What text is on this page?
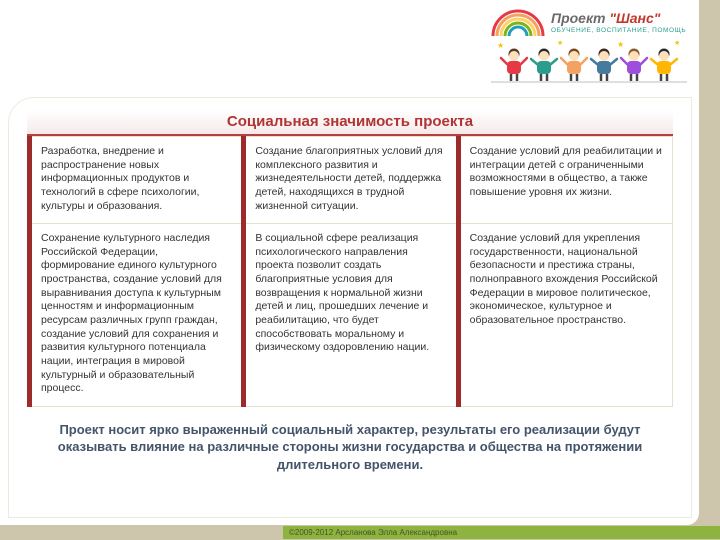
Проект "Шанс"
ОБУЧЕНИЕ, ВОСПИТАНИЕ, ПОМОЩЬ
★	★	★	★
Социальная значимость проекта
Разработка, внедрение и распространение новых информационных продуктов и технологий в сфере психологии, культуры и образования.	Создание благоприятных условий для комплексного развития и жизнедеятельности детей, поддержка детей, находящихся в трудной жизненной ситуации.	Создание условий для реабилитации и интеграции детей с ограниченными возможностями в общество, а также повышение уровня их жизни.
Сохранение культурного наследия Российской Федерации, формирование единого культурного пространства, создание условий для выравнивания доступа к культурным ценностям и информационным ресурсам различных групп граждан, создание условий для сохранения и развития культурного потенциала нации, интеграция в мировой культурный и образовательный процесс.	В социальной сфере реализация психологического направления проекта позволит создать благоприятные условия для возвращения к нормальной жизни детей и лиц, прошедших лечение и реабилитацию, что будет способствовать моральному и физическому оздоровлению нации.	Создание условий для укрепления государственности, национальной безопасности и престижа страны, полноправного вхождения Российской Федерации в мировое политическое, экономическое, культурное и образовательное пространство.

Проект носит ярко выраженный социальный характер, результаты его реализации будут оказывать влияние на различные стороны жизни государства и общества на протяжении длительного времени.

©2009-2012 Арсланова Элла Александровна
